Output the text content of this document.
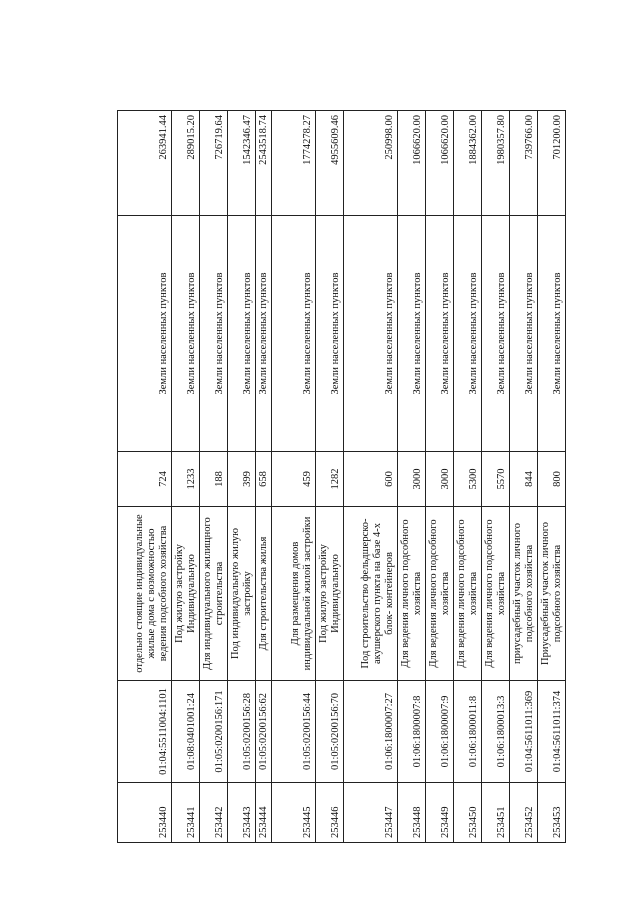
253440	01:04:5511004:1101	отдельно стоящие индивидуальные жилые дома с возможностью ведения подсобного хозяйства	724	Земли населенных пунктов	263941.44
253441	01:08:0401001:24	Под жилую застройку Индивидуальную	1233	Земли населенных пунктов	289015.20
253442	01:05:0200156:171	Для индивидуального жилищного строительства	188	Земли населенных пунктов	726719.64
253443	01:05:0200156:28	Под индивидуальную жилую застройку	399	Земли населенных пунктов	1542346.47
253444	01:05:0200156:62	Для строительства жилья	658	Земли населенных пунктов	2543518.74
253445	01:05:0200156:44	Для размещения домов индивидуальной жилой застройки	459	Земли населенных пунктов	1774278.27
253446	01:05:0200156:70	Под жилую застройку Индивидуальную	1282	Земли населенных пунктов	4955609.46
253447	01:06:1800007:27	Под строительство фельдшерско-акушерского пункта на базе 4-х блок- контейнеров	600	Земли населенных пунктов	250998.00
253448	01:06:1800007:8	Для ведения личного подсобного хозяйства	3000	Земли населенных пунктов	1066620.00
253449	01:06:1800007:9	Для ведения личного подсобного хозяйства	3000	Земли населенных пунктов	1066620.00
253450	01:06:1800011:8	Для ведения личного подсобного хозяйства	5300	Земли населенных пунктов	1884362.00
253451	01:06:1800013:3	Для ведения личного подсобного хозяйства	5570	Земли населенных пунктов	1980357.80
253452	01:04:5611011:369	приусадебный участок личного подсобного хозяйства	844	Земли населенных пунктов	739766.00
253453	01:04:5611011:374	Приусадебный участок личного подсобного хозяйства	800	Земли населенных пунктов	701200.00
